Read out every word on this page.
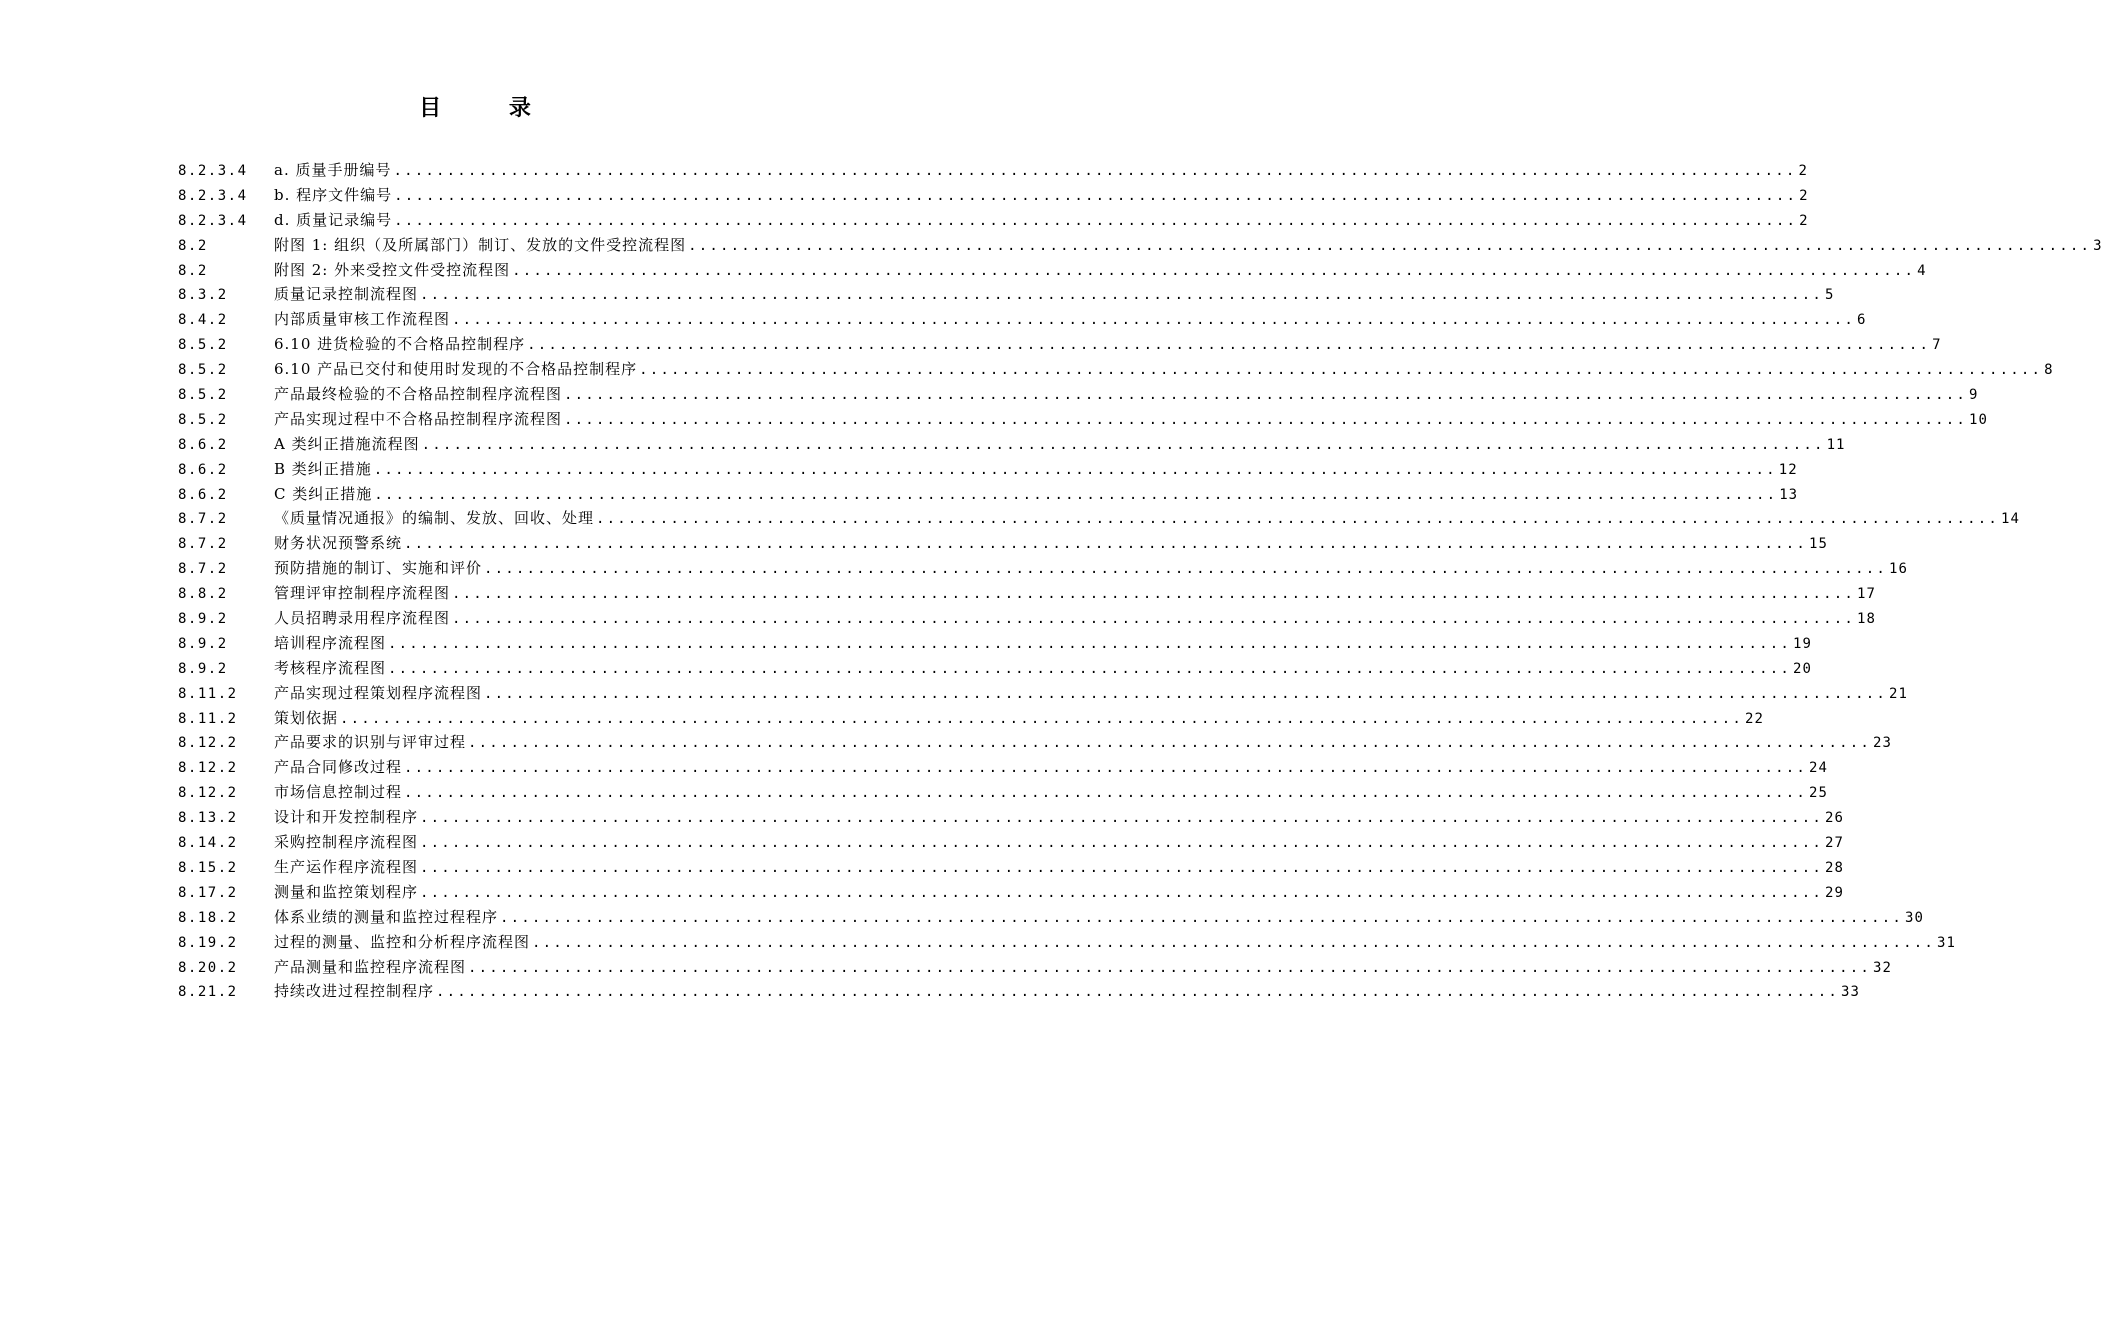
目 录
8.2.3.4	a. 质量手册编号 .....	2
8.2.3.4	b. 程序文件编号 .....	2
8.2.3.4	d. 质量记录编号 .....	2
8.2	附图 1: 组织（及所属部门）制订、发放的文件受控流程图 .....	3
8.2	附图 2: 外来受控文件受控流程图 .....	4
8.3.2	质量记录控制流程图 .....	5
8.4.2	内部质量审核工作流程图 .....	6
8.5.2	6.10 进货检验的不合格品控制程序 .....	7
8.5.2	6.10 产品已交付和使用时发现的不合格品控制程序 .....	8
8.5.2	产品最终检验的不合格品控制程序流程图 .....	9
8.5.2	产品实现过程中不合格品控制程序流程图 .....	10
8.6.2	A 类纠正措施流程图 .....	11
8.6.2	B 类纠正措施 .....	12
8.6.2	C 类纠正措施 .....	13
8.7.2	《质量情况通报》的编制、发放、回收、处理 .....	14
8.7.2	财务状况预警系统 .....	15
8.7.2	预防措施的制订、实施和评价 .....	16
8.8.2	管理评审控制程序流程图 .....	17
8.9.2	人员招聘录用程序流程图 .....	18
8.9.2	培训程序流程图 .....	19
8.9.2	考核程序流程图 .....	20
8.11.2	产品实现过程策划程序流程图 .....	21
8.11.2	策划依据 .....	22
8.12.2	产品要求的识别与评审过程 .....	23
8.12.2	产品合同修改过程 .....	24
8.12.2	市场信息控制过程 .....	25
8.13.2	设计和开发控制程序 .....	26
8.14.2	采购控制程序流程图 .....	27
8.15.2	生产运作程序流程图 .....	28
8.17.2	测量和监控策划程序 .....	29
8.18.2	体系业绩的测量和监控过程程序 .....	30
8.19.2	过程的测量、监控和分析程序流程图 .....	31
8.20.2	产品测量和监控程序流程图 .....	32
8.21.2	持续改进过程控制程序 .....	33
